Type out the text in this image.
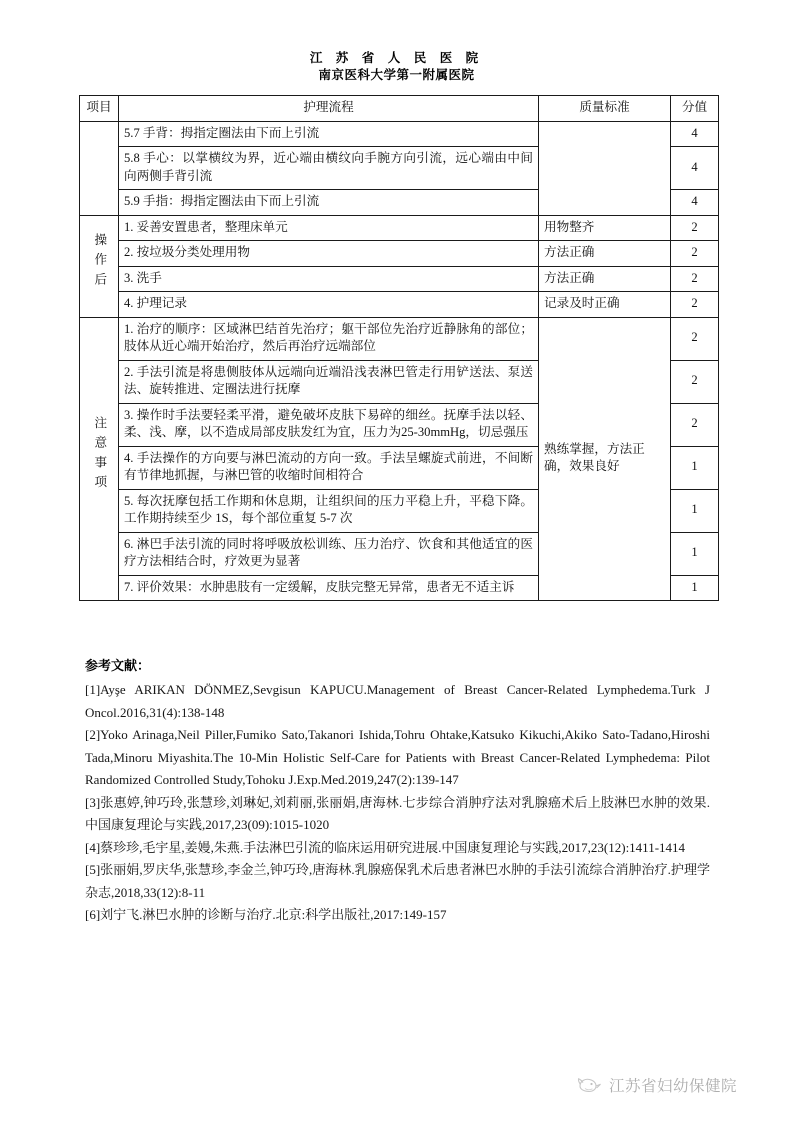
江 苏 省 人 民 医 院
南京医科大学第一附属医院
项目	护理流程	质量标准	分值
	5.7 手背：拇指定圈法由下而上引流		4
	5.8 手心：以掌横纹为界，近心端由横纹向手腕方向引流，远心端由中间向两侧手背引流		4
	5.9 手指：拇指定圈法由下而上引流		4
操作后	1. 妥善安置患者，整理床单元	用物整齐	2
	2. 按垃圾分类处理用物	方法正确	2
	3. 洗手	方法正确	2
	4. 护理记录	记录及时正确	2
注意事项	1. 治疗的顺序：区域淋巴结首先治疗；躯干部位先治疗近静脉角的部位；肢体从近心端开始治疗，然后再治疗远端部位	熟练掌握，方法正确，效果良好	2
	2. 手法引流是将患侧肢体从远端向近端沿浅表淋巴管走行用铲送法、泵送法、旋转推进、定圈法进行抚摩		2
	3. 操作时手法要轻柔平滑，避免破坏皮肤下易碎的细丝。抚摩手法以轻、柔、浅、摩，以不造成局部皮肤发红为宜，压力为25-30mmHg，切忌强压		2
	4. 手法操作的方向要与淋巴流动的方向一致。手法呈螺旋式前进，不间断有节律地抓握，与淋巴管的收缩时间相符合		1
	5. 每次抚摩包括工作期和休息期，让组织间的压力平稳上升，平稳下降。工作期持续至少 1S，每个部位重复 5-7 次		1
	6. 淋巴手法引流的同时将呼吸放松训练、压力治疗、饮食和其他适宜的医疗方法相结合时，疗效更为显著		1
	7. 评价效果：水肿患肢有一定缓解，皮肤完整无异常，患者无不适主诉		1
参考文献：

[1]Ayşe ARIKAN DÖNMEZ,Sevgisun KAPUCU.Management of Breast Cancer-Related Lymphedema.Turk J Oncol.2016,31(4):138-148

[2]Yoko Arinaga,Neil Piller,Fumiko Sato,Takanori Ishida,Tohru Ohtake,Katsuko Kikuchi,Akiko Sato-Tadano,Hiroshi Tada,Minoru Miyashita.The 10-Min Holistic Self-Care for Patients with Breast Cancer-Related Lymphedema: Pilot Randomized Controlled Study,Tohoku J.Exp.Med.2019,247(2):139-147

[3]张惠婷,钟巧玲,张慧珍,刘琳妃,刘莉丽,张丽娟,唐海林.七步综合消肿疗法对乳腺癌术后上肢淋巴水肿的效果.中国康复理论与实践,2017,23(09):1015-1020

[4]蔡珍珍,毛宇星,姜嫚,朱燕.手法淋巴引流的临床运用研究进展.中国康复理论与实践,2017,23(12):1411-1414

[5]张丽娟,罗庆华,张慧珍,李金兰,钟巧玲,唐海林.乳腺癌保乳术后患者淋巴水肿的手法引流综合消肿治疗.护理学杂志,2018,33(12):8-11

[6]刘宁飞.淋巴水肿的诊断与治疗.北京:科学出版社,2017:149-157

江苏省妇幼保健院
